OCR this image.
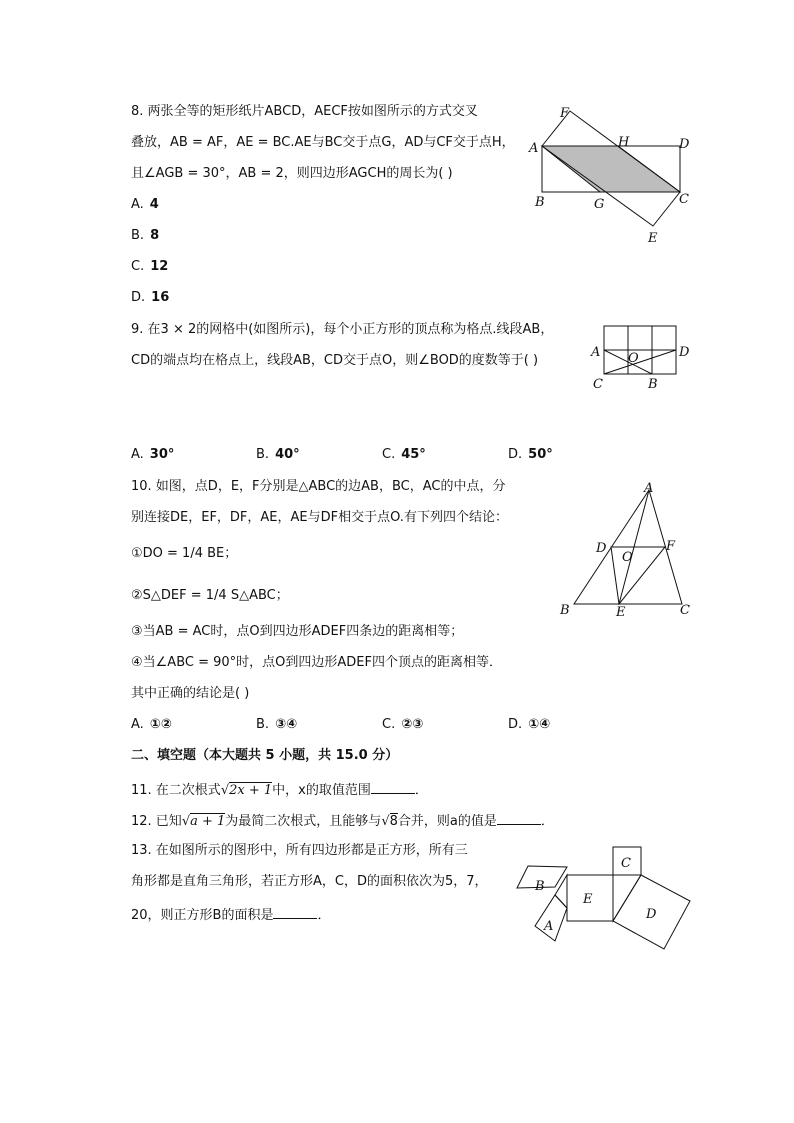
8. 两张全等的矩形纸片ABCD，AECF按如图所示的方式交叉
叠放，AB = AF，AE = BC.AE与BC交于点G，AD与CF交于点H，
且∠AGB = 30°，AB = 2，则四边形AGCH的周长为( )
A. 4
B. 8
C. 12
D. 16
F
A	H	D
B	G	C
E
9. 在3 × 2的网格中(如图所示)，每个小正方形的顶点称为格点.线段AB，
CD的端点均在格点上，线段AB，CD交于点O，则∠BOD的度数等于( )
A O	D
C	B
A. 30°	B. 40°	C. 45°	D. 50°
10. 如图，点D，E，F分别是△ABC的边AB，BC，AC的中点，分
别连接DE，EF，DF，AE，AE与DF相交于点O.有下列四个结论：
①DO = 1/4 BE；
②S△DEF = 1/4 S△ABC；
③当AB = AC时，点O到四边形ADEF四条边的距离相等；
④当∠ABC = 90°时，点O到四边形ADEF四个顶点的距离相等．
其中正确的结论是( )
A
D
O
F
B	E	C
A. ①②	B. ③④	C. ②③	D. ①④
二、填空题（本大题共 5 小题，共 15.0 分）
11. 在二次根式√2x + 1中，x的取值范围	．
12. 已知√a + 1为最简二次根式，且能够与√8合并，则a的值是	．
13. 在如图所示的图形中，所有四边形都是正方形，所有三
角形都是直角三角形，若正方形A，C，D的面积依次为5，7，
20，则正方形B的面积是	．
C
B
E
D
A
